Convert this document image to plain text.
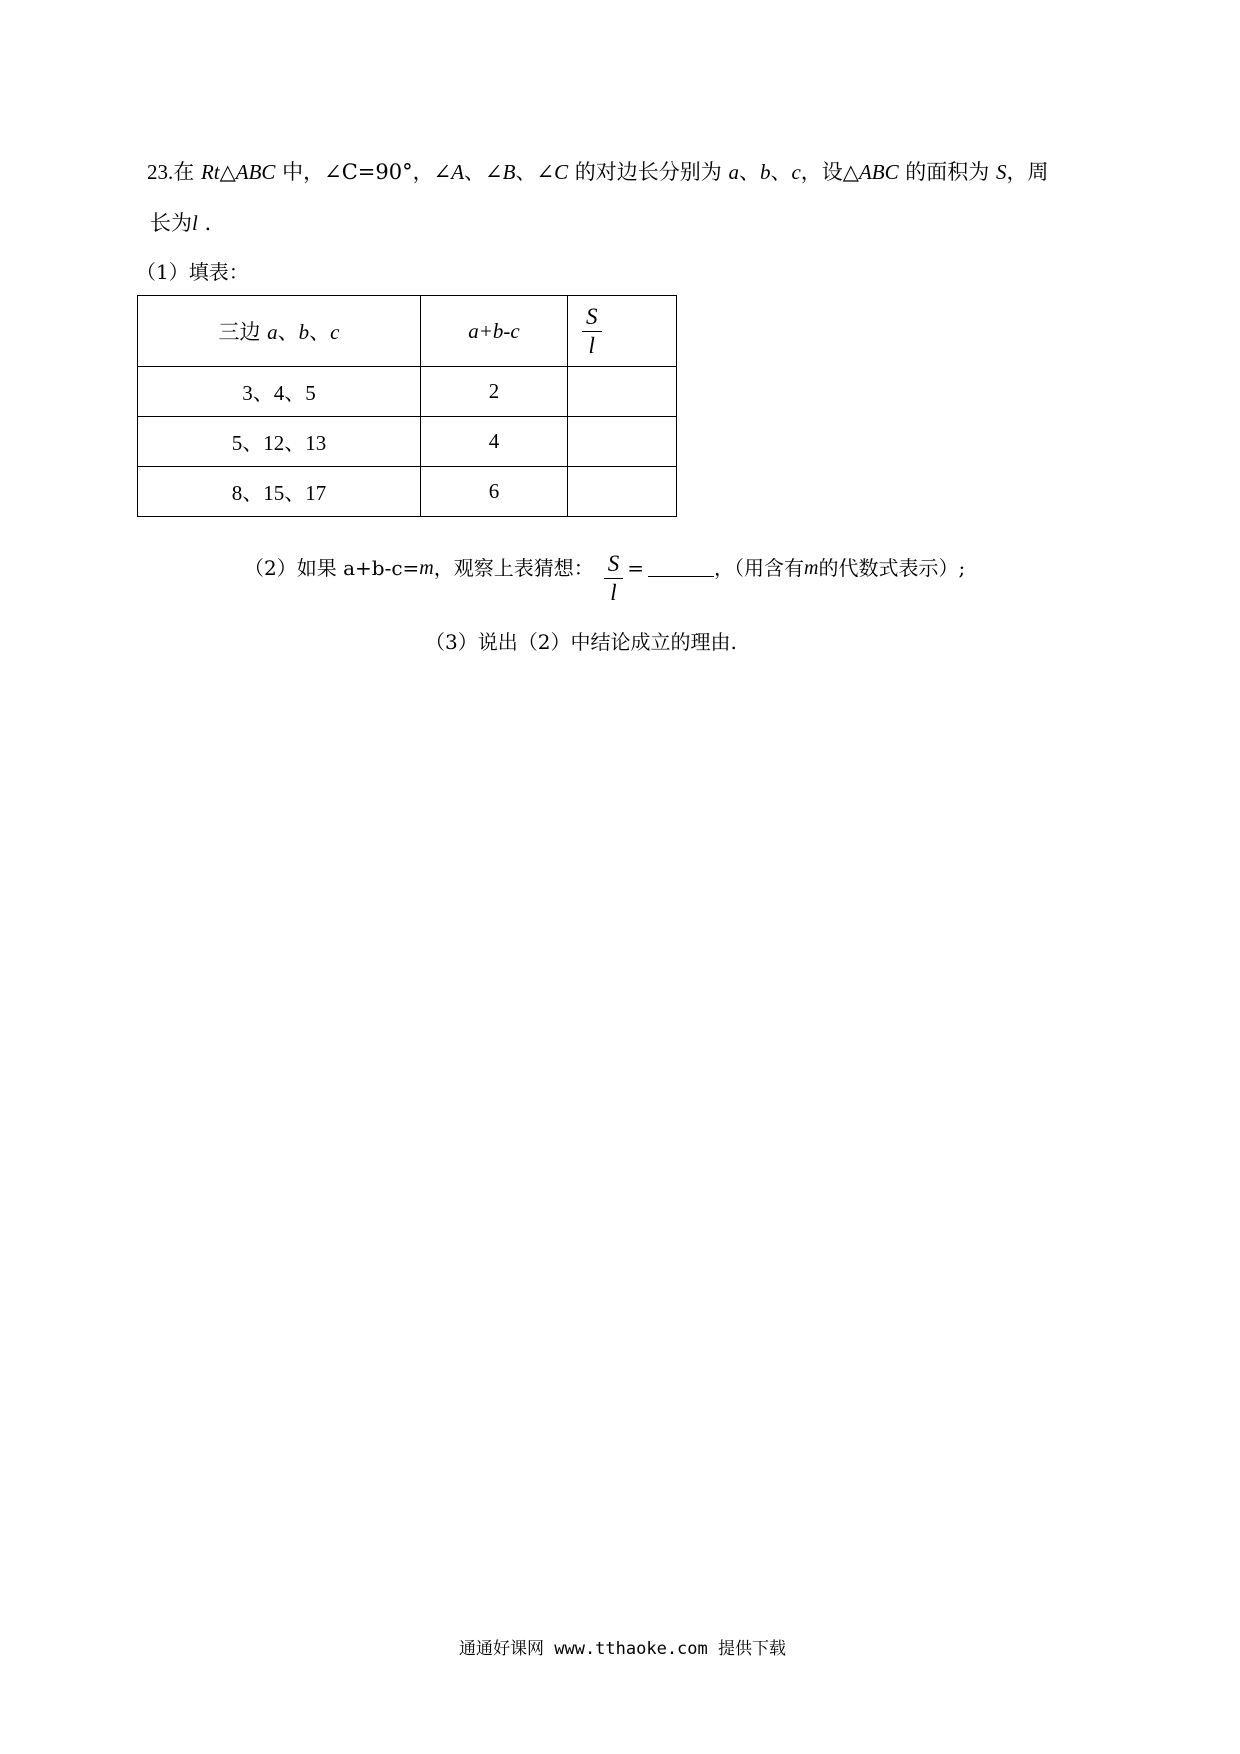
23.在 Rt△ABC 中，∠C=90°，∠A、∠B、∠C 的对边长分别为 a、b、c，设△ABC 的面积为 S，周
长为l .
（1）填表：
三边 a、b、c	a+b-c	$\frac{S}{l}$

3、4、5	2	
5、12、13	4	
8、15、17	6	
（2）如果 a+b-c= m ，观察上表猜想： $\frac{S}{l}$ =	，（用含有 m 的代数式表示）;
（3）说出（2）中结论成立的理由.
通通好课网 www.tthaoke.com 提供下载
